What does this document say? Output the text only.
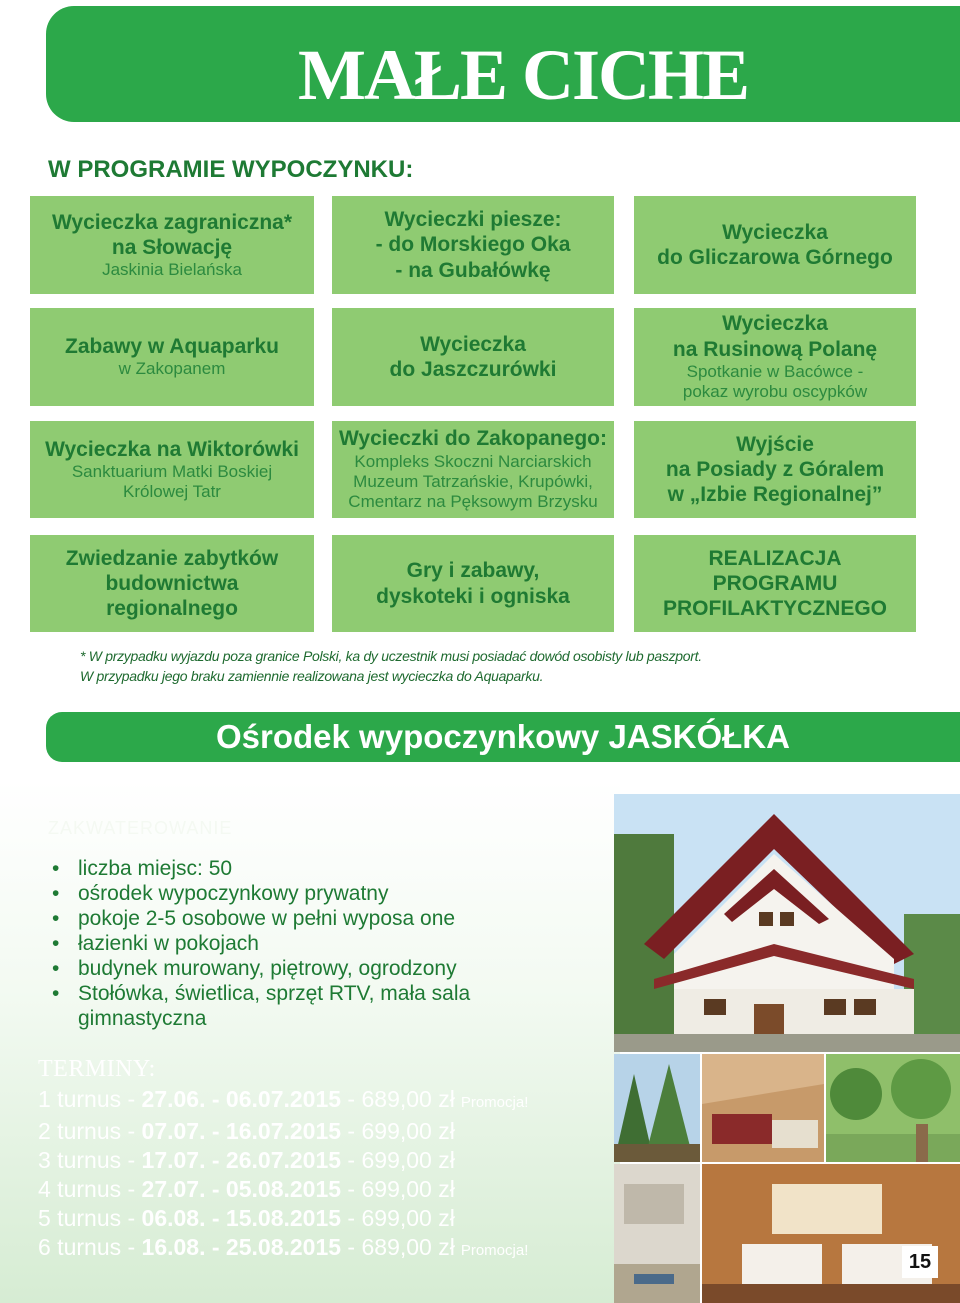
MAŁE CICHE
W PROGRAMIE WYPOCZYNKU:
Wycieczka zagraniczna*
na Słowację
Jaskinia Bielańska
Wycieczki piesze:
- do Morskiego Oka
- na Gubałówkę
Wycieczka
do Gliczarowa Górnego
Zabawy w Aquaparku
w Zakopanem
Wycieczka
do Jaszczurówki
Wycieczka
na Rusinową Polanę
Spotkanie w Bacówce -
pokaz wyrobu oscypków
Wycieczka na Wiktorówki
Sanktuarium Matki Boskiej
Królowej Tatr
Wycieczki do Zakopanego:
Kompleks Skoczni Narciarskich
Muzeum Tatrzańskie, Krupówki,
Cmentarz na Pęksowym Brzysku
Wyjście
na Posiady z Góralem
w „Izbie Regionalnej”
Zwiedzanie zabytków
budownictwa
regionalnego
Gry i zabawy,
dyskoteki i ogniska
REALIZACJA
PROGRAMU
PROFILAKTYCZNEGO
* W przypadku wyjazdu poza granice Polski, ka dy uczestnik musi posiadać dowód osobisty lub paszport.
W przypadku jego braku zamiennie realizowana jest wycieczka do Aquaparku.
Ośrodek wypoczynkowy JASKÓŁKA
ZAKWATEROWANIE
• liczba miejsc: 50
• ośrodek wypoczynkowy prywatny
• pokoje 2-5 osobowe w pełni wyposa one
• łazienki w pokojach
• budynek murowany, piętrowy, ogrodzony
• Stołówka, świetlica, sprzęt RTV, mała sala gimnastyczna
TERMINY:
1 turnus - 27.06. - 06.07.2015 - 689,00 zł Promocja!
2 turnus - 07.07. - 16.07.2015 - 699,00 zł
3 turnus - 17.07. - 26.07.2015 - 699,00 zł
4 turnus - 27.07. - 05.08.2015 - 699,00 zł
5 turnus - 06.08. - 15.08.2015 - 699,00 zł
6 turnus - 16.08. - 25.08.2015 - 689,00 zł Promocja!	15
